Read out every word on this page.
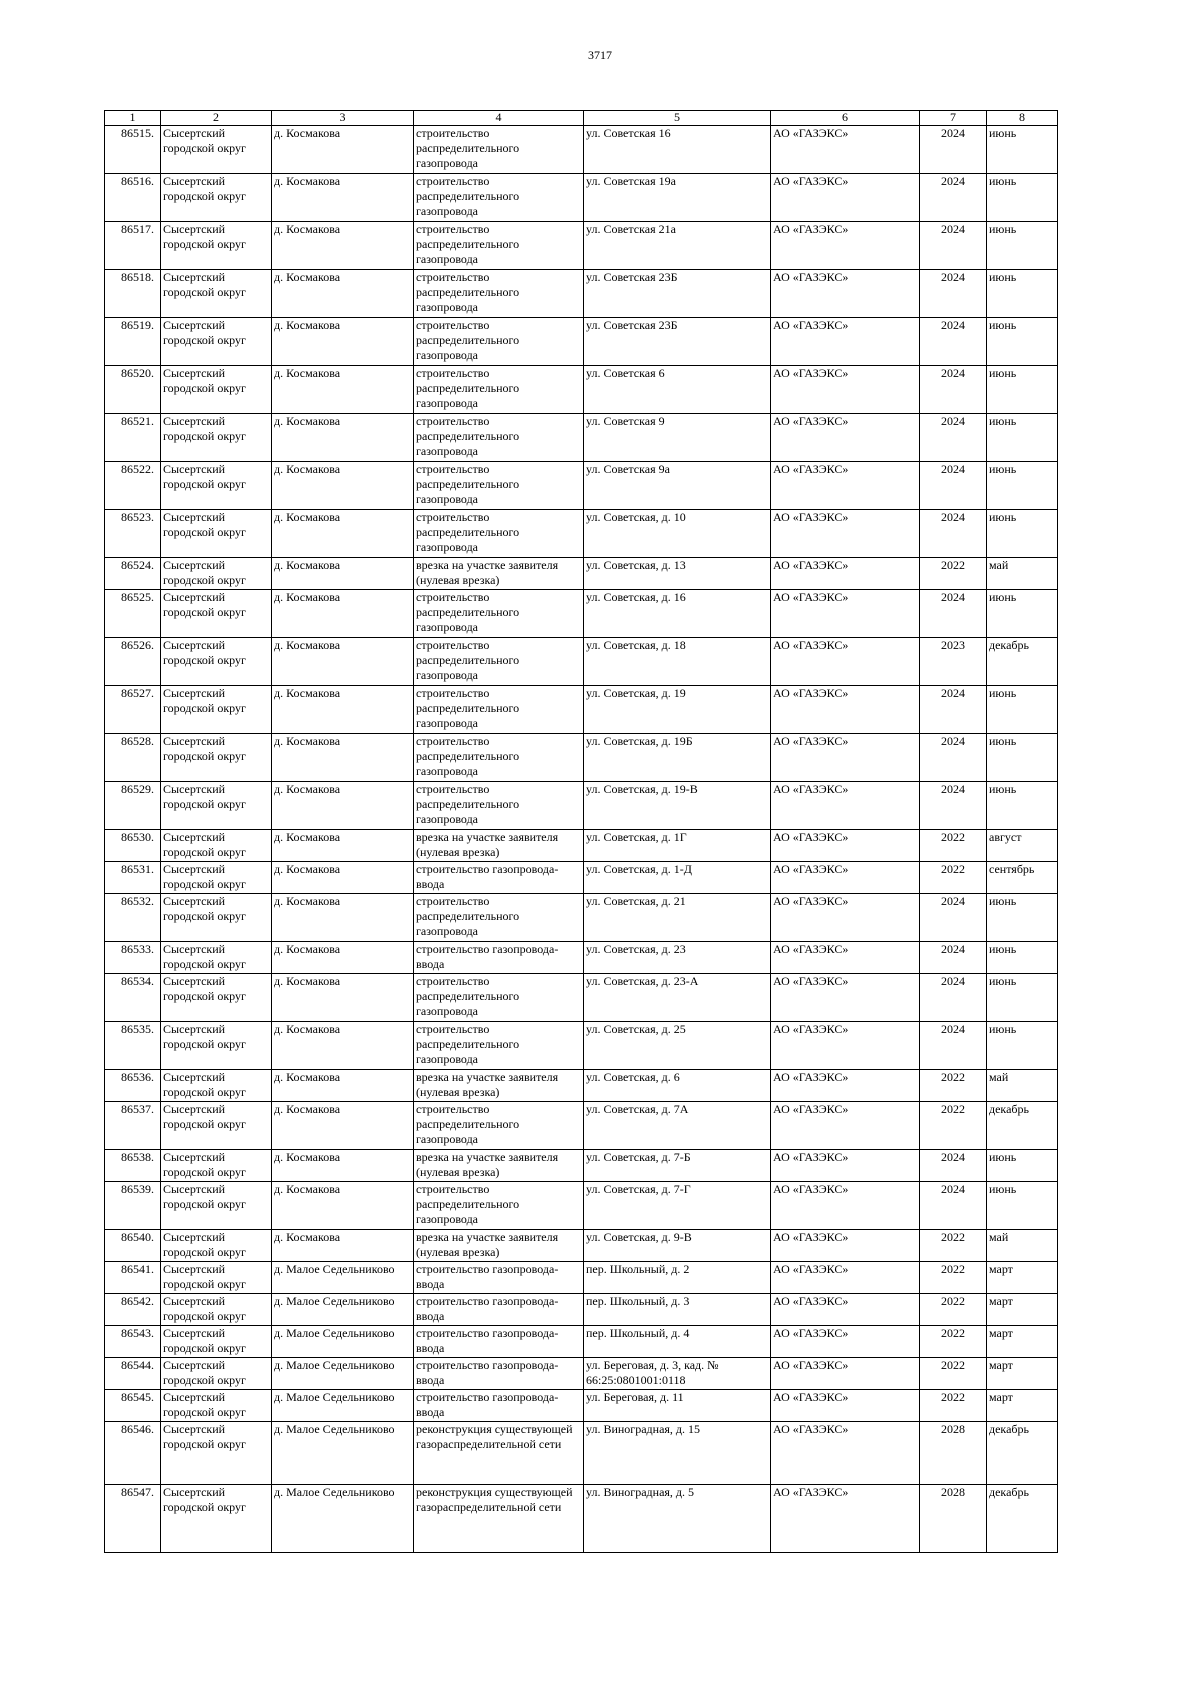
3717
1	2	3	4	5	6	7	8
86515.	Сысертский городской округ	д. Космакова	строительство распределительного газопровода	ул. Советская 16	АО «ГАЗЭКС»	2024	июнь
86516.	Сысертский городской округ	д. Космакова	строительство распределительного газопровода	ул. Советская 19а	АО «ГАЗЭКС»	2024	июнь
86517.	Сысертский городской округ	д. Космакова	строительство распределительного газопровода	ул. Советская 21а	АО «ГАЗЭКС»	2024	июнь
86518.	Сысертский городской округ	д. Космакова	строительство распределительного газопровода	ул. Советская 23Б	АО «ГАЗЭКС»	2024	июнь
86519.	Сысертский городской округ	д. Космакова	строительство распределительного газопровода	ул. Советская 23Б	АО «ГАЗЭКС»	2024	июнь
86520.	Сысертский городской округ	д. Космакова	строительство распределительного газопровода	ул. Советская 6	АО «ГАЗЭКС»	2024	июнь
86521.	Сысертский городской округ	д. Космакова	строительство распределительного газопровода	ул. Советская 9	АО «ГАЗЭКС»	2024	июнь
86522.	Сысертский городской округ	д. Космакова	строительство распределительного газопровода	ул. Советская 9а	АО «ГАЗЭКС»	2024	июнь
86523.	Сысертский городской округ	д. Космакова	строительство распределительного газопровода	ул. Советская, д. 10	АО «ГАЗЭКС»	2024	июнь
86524.	Сысертский городской округ	д. Космакова	врезка на участке заявителя (нулевая врезка)	ул. Советская, д. 13	АО «ГАЗЭКС»	2022	май
86525.	Сысертский городской округ	д. Космакова	строительство распределительного газопровода	ул. Советская, д. 16	АО «ГАЗЭКС»	2024	июнь
86526.	Сысертский городской округ	д. Космакова	строительство распределительного газопровода	ул. Советская, д. 18	АО «ГАЗЭКС»	2023	декабрь
86527.	Сысертский городской округ	д. Космакова	строительство распределительного газопровода	ул. Советская, д. 19	АО «ГАЗЭКС»	2024	июнь
86528.	Сысертский городской округ	д. Космакова	строительство распределительного газопровода	ул. Советская, д. 19Б	АО «ГАЗЭКС»	2024	июнь
86529.	Сысертский городской округ	д. Космакова	строительство распределительного газопровода	ул. Советская, д. 19-В	АО «ГАЗЭКС»	2024	июнь
86530.	Сысертский городской округ	д. Космакова	врезка на участке заявителя (нулевая врезка)	ул. Советская, д. 1Г	АО «ГАЗЭКС»	2022	август
86531.	Сысертский городской округ	д. Космакова	строительство газопровода-ввода	ул. Советская, д. 1-Д	АО «ГАЗЭКС»	2022	сентябрь
86532.	Сысертский городской округ	д. Космакова	строительство распределительного газопровода	ул. Советская, д. 21	АО «ГАЗЭКС»	2024	июнь
86533.	Сысертский городской округ	д. Космакова	строительство газопровода-ввода	ул. Советская, д. 23	АО «ГАЗЭКС»	2024	июнь
86534.	Сысертский городской округ	д. Космакова	строительство распределительного газопровода	ул. Советская, д. 23-А	АО «ГАЗЭКС»	2024	июнь
86535.	Сысертский городской округ	д. Космакова	строительство распределительного газопровода	ул. Советская, д. 25	АО «ГАЗЭКС»	2024	июнь
86536.	Сысертский городской округ	д. Космакова	врезка на участке заявителя (нулевая врезка)	ул. Советская, д. 6	АО «ГАЗЭКС»	2022	май
86537.	Сысертский городской округ	д. Космакова	строительство распределительного газопровода	ул. Советская, д. 7А	АО «ГАЗЭКС»	2022	декабрь
86538.	Сысертский городской округ	д. Космакова	врезка на участке заявителя (нулевая врезка)	ул. Советская, д. 7-Б	АО «ГАЗЭКС»	2024	июнь
86539.	Сысертский городской округ	д. Космакова	строительство распределительного газопровода	ул. Советская, д. 7-Г	АО «ГАЗЭКС»	2024	июнь
86540.	Сысертский городской округ	д. Космакова	врезка на участке заявителя (нулевая врезка)	ул. Советская, д. 9-В	АО «ГАЗЭКС»	2022	май
86541.	Сысертский городской округ	д. Малое Седельниково	строительство газопровода-ввода	пер. Школьный, д. 2	АО «ГАЗЭКС»	2022	март
86542.	Сысертский городской округ	д. Малое Седельниково	строительство газопровода-ввода	пер. Школьный, д. 3	АО «ГАЗЭКС»	2022	март
86543.	Сысертский городской округ	д. Малое Седельниково	строительство газопровода-ввода	пер. Школьный, д. 4	АО «ГАЗЭКС»	2022	март
86544.	Сысертский городской округ	д. Малое Седельниково	строительство газопровода-ввода	ул. Береговая, д. 3, кад. № 66:25:0801001:0118	АО «ГАЗЭКС»	2022	март
86545.	Сысертский городской округ	д. Малое Седельниково	строительство газопровода-ввода	ул. Береговая, д. 11	АО «ГАЗЭКС»	2022	март
86546.	Сысертский городской округ	д. Малое Седельниково	реконструкция существующей газораспределительной сети	ул. Виноградная, д. 15	АО «ГАЗЭКС»	2028	декабрь
86547.	Сысертский городской округ	д. Малое Седельниково	реконструкция существующей газораспределительной сети	ул. Виноградная, д. 5	АО «ГАЗЭКС»	2028	декабрь
